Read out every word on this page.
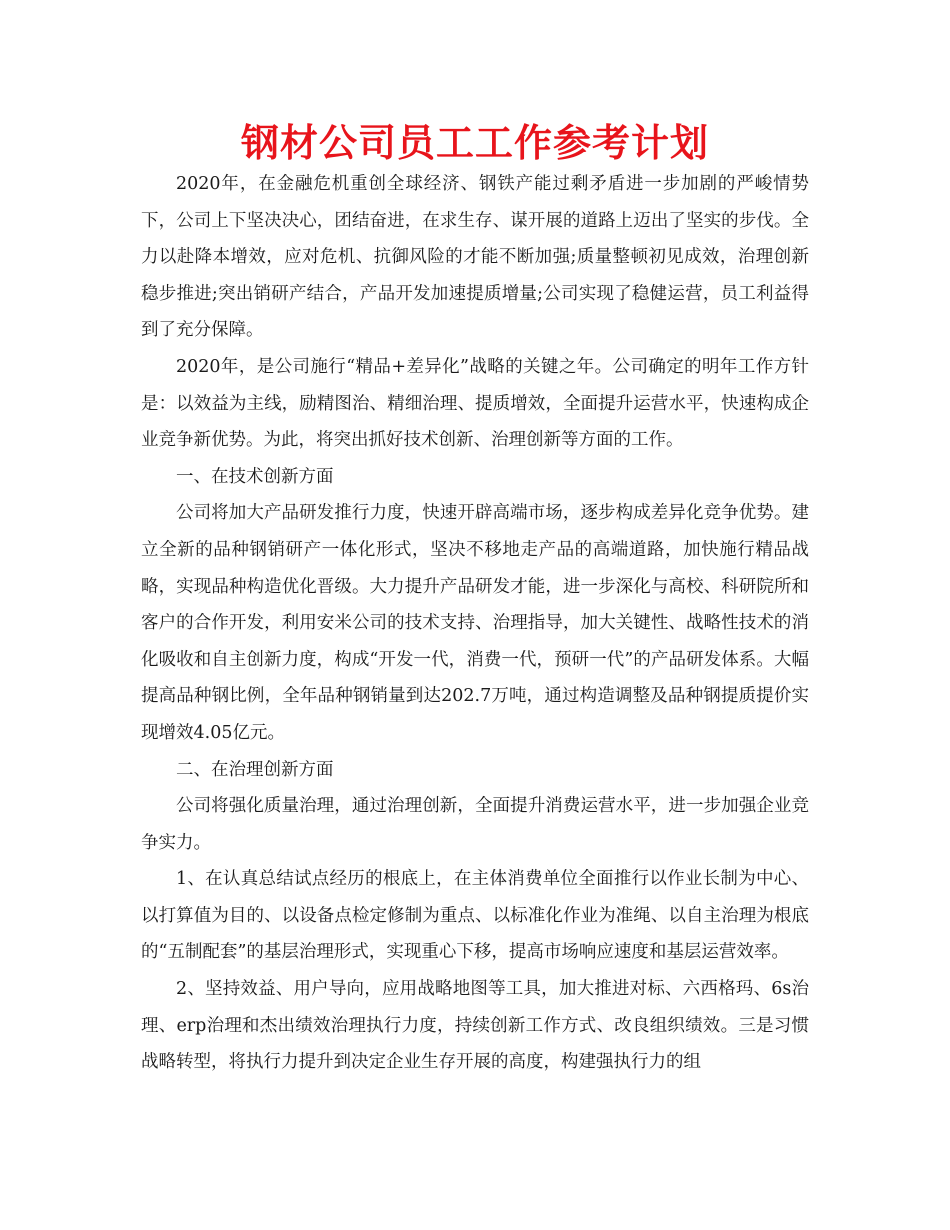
钢材公司员工工作参考计划

2020年，在金融危机重创全球经济、钢铁产能过剩矛盾进一步加剧的严峻情势下，公司上下坚决决心，团结奋进，在求生存、谋开展的道路上迈出了坚实的步伐。全力以赴降本增效，应对危机、抗御风险的才能不断加强;质量整顿初见成效，治理创新稳步推进;突出销研产结合，产品开发加速提质增量;公司实现了稳健运营，员工利益得到了充分保障。

2020年，是公司施行“精品+差异化”战略的关键之年。公司确定的明年工作方针是：以效益为主线，励精图治、精细治理、提质增效，全面提升运营水平，快速构成企业竞争新优势。为此，将突出抓好技术创新、治理创新等方面的工作。

一、在技术创新方面

公司将加大产品研发推行力度，快速开辟高端市场，逐步构成差异化竞争优势。建立全新的品种钢销研产一体化形式，坚决不移地走产品的高端道路，加快施行精品战略，实现品种构造优化晋级。大力提升产品研发才能，进一步深化与高校、科研院所和客户的合作开发，利用安米公司的技术支持、治理指导，加大关键性、战略性技术的消化吸收和自主创新力度，构成“开发一代，消费一代，预研一代”的产品研发体系。大幅提高品种钢比例，全年品种钢销量到达202.7万吨，通过构造调整及品种钢提质提价实现增效4.05亿元。

二、在治理创新方面

公司将强化质量治理，通过治理创新，全面提升消费运营水平，进一步加强企业竞争实力。

1、在认真总结试点经历的根底上，在主体消费单位全面推行以作业长制为中心、以打算值为目的、以设备点检定修制为重点、以标准化作业为准绳、以自主治理为根底的“五制配套”的基层治理形式，实现重心下移，提高市场响应速度和基层运营效率。

2、坚持效益、用户导向，应用战略地图等工具，加大推进对标、六西格玛、6s治理、erp治理和杰出绩效治理执行力度，持续创新工作方式、改良组织绩效。三是习惯战略转型，将执行力提升到决定企业生存开展的高度，构建强执行力的组
